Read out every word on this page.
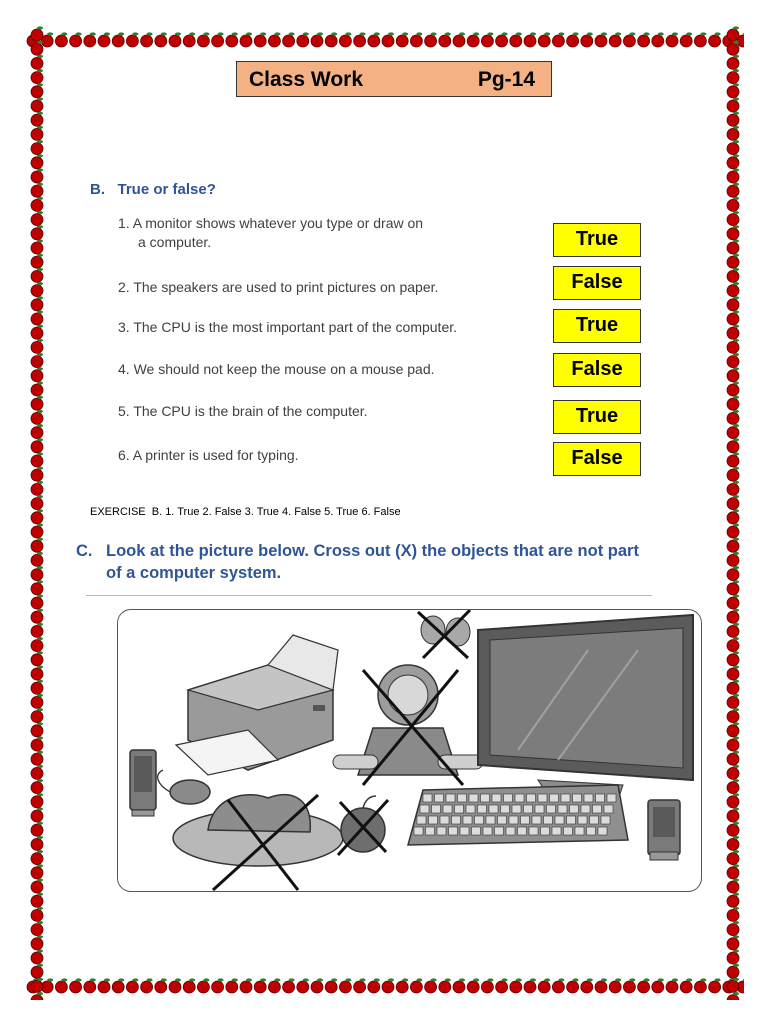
Class Work	Pg-14
B.   True or false?
1. A monitor shows whatever you type or draw on
a computer.
2. The speakers are used to print pictures on paper.
3. The CPU is the most important part of the computer.
4. We should not keep the mouse on a mouse pad.
5. The CPU is the brain of the computer.
6. A printer is used for typing.
True
False
True
False
True
False
EXERCISE  B. 1. True 2. False 3. True 4. False 5. True 6. False
C. Look at the picture below. Cross out (X) the objects that are not part
of a computer system.
